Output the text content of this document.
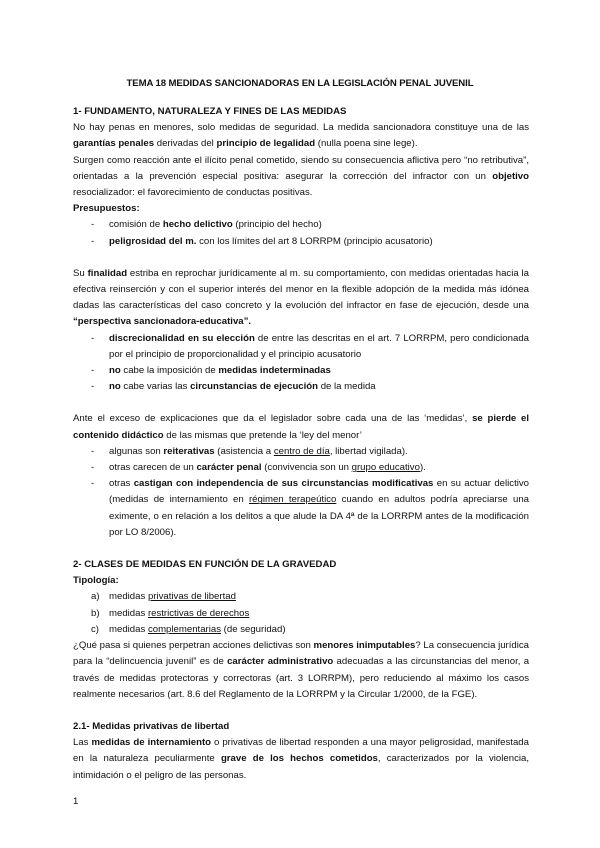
TEMA 18 MEDIDAS SANCIONADORAS EN LA LEGISLACIÓN PENAL JUVENIL
1- FUNDAMENTO, NATURALEZA Y FINES DE LAS MEDIDAS

No hay penas en menores, solo medidas de seguridad. La medida sancionadora constituye una de las garantías penales derivadas del principio de legalidad (nulla poena sine lege).

Surgen como reacción ante el ilícito penal cometido, siendo su consecuencia aflictiva pero “no retributiva”, orientadas a la prevención especial positiva: asegurar la corrección del infractor con un objetivo resocializador: el favorecimiento de conductas positivas.

Presupuestos:

- comisión de hecho delictivo (principio del hecho)
- peligrosidad del m. con los límites del art 8 LORRPM (principio acusatorio)

Su finalidad estriba en reprochar jurídicamente al m. su comportamiento, con medidas orientadas hacia la efectiva reinserción y con el superior interés del menor en la flexible adopción de la medida más idónea dadas las características del caso concreto y la evolución del infractor en fase de ejecución, desde una “perspectiva sancionadora-educativa”.

- discrecionalidad en su elección de entre las descritas en el art. 7 LORRPM, pero condicionada por el principio de proporcionalidad y el principio acusatorio
- no cabe la imposición de medidas indeterminadas
- no cabe varias las circunstancias de ejecución de la medida

Ante el exceso de explicaciones que da el legislador sobre cada una de las ‘medidas’, se pierde el contenido didáctico de las mismas que pretende la ‘ley del menor’

- algunas son reiterativas (asistencia a centro de día, libertad vigilada).
- otras carecen de un carácter penal (convivencia son un grupo educativo).
- otras castigan con independencia de sus circunstancias modificativas en su actuar delictivo (medidas de internamiento en régimen terapeútico cuando en adultos podría apreciarse una eximente, o en relación a los delitos a que alude la DA 4ª de la LORRPM antes de la modificación por LO 8/2006).
2- CLASES DE MEDIDAS EN FUNCIÓN DE LA GRAVEDAD

Tipología:

a) medidas privativas de libertad
b) medidas restrictivas de derechos
c) medidas complementarias (de seguridad)

¿Qué pasa si quienes perpetran acciones delictivas son menores inimputables? La consecuencia jurídica para la “delincuencia juvenil” es de carácter administrativo adecuadas a las circunstancias del menor, a través de medidas protectoras y correctoras (art. 3 LORRPM), pero reduciendo al máximo los casos realmente necesarios (art. 8.6 del Reglamento de la LORRPM y la Circular 1/2000, de la FGE).

2.1- Medidas privativas de libertad

Las medidas de internamiento o privativas de libertad responden a una mayor peligrosidad, manifestada en la naturaleza peculiarmente grave de los hechos cometidos, caracterizados por la violencia, intimidación o el peligro de las personas.

1
